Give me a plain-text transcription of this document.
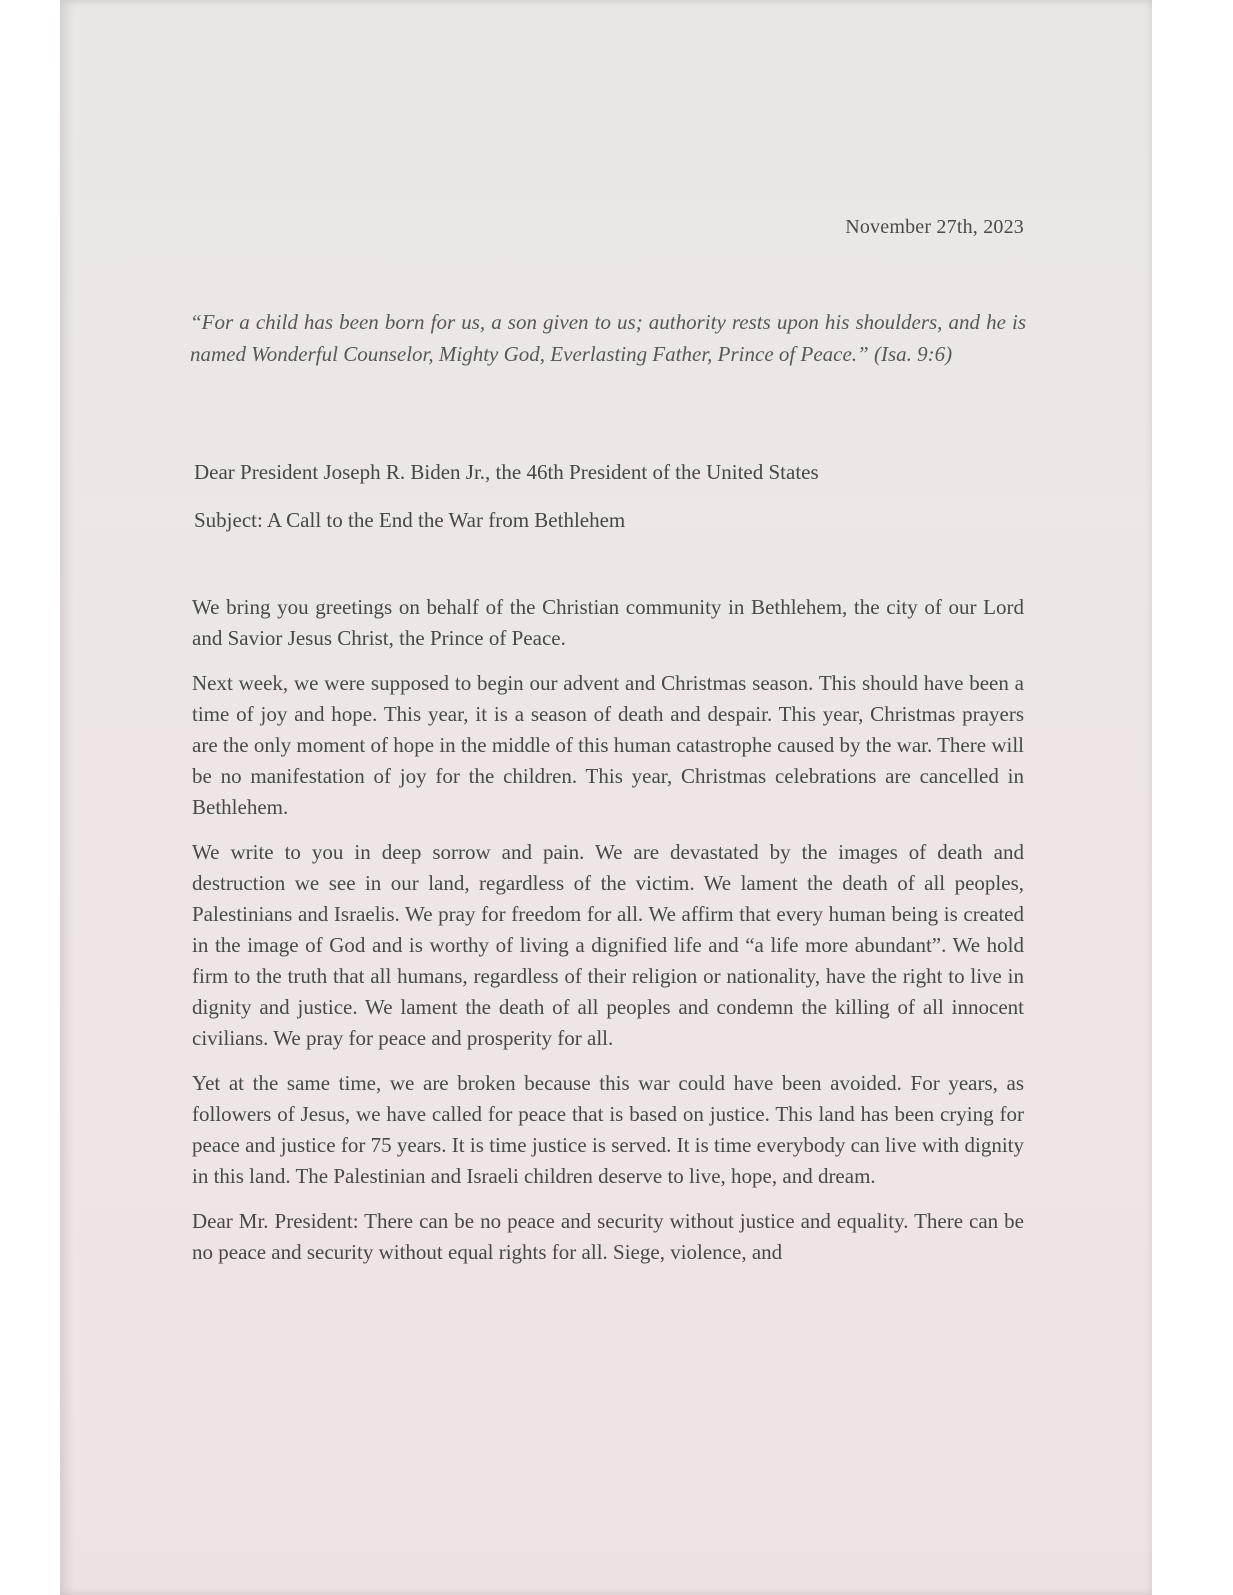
November 27th, 2023

“For a child has been born for us, a son given to us; authority rests upon his shoulders, and he is named Wonderful Counselor, Mighty God, Everlasting Father, Prince of Peace.” (Isa. 9:6)

Dear President Joseph R. Biden Jr., the 46th President of the United States

Subject: A Call to the End the War from Bethlehem

We bring you greetings on behalf of the Christian community in Bethlehem, the city of our Lord and Savior Jesus Christ, the Prince of Peace.

Next week, we were supposed to begin our advent and Christmas season. This should have been a time of joy and hope. This year, it is a season of death and despair. This year, Christmas prayers are the only moment of hope in the middle of this human catastrophe caused by the war. There will be no manifestation of joy for the children. This year, Christmas celebrations are cancelled in Bethlehem.

We write to you in deep sorrow and pain. We are devastated by the images of death and destruction we see in our land, regardless of the victim. We lament the death of all peoples, Palestinians and Israelis. We pray for freedom for all. We affirm that every human being is created in the image of God and is worthy of living a dignified life and “a life more abundant”. We hold firm to the truth that all humans, regardless of their religion or nationality, have the right to live in dignity and justice. We lament the death of all peoples and condemn the killing of all innocent civilians. We pray for peace and prosperity for all.

Yet at the same time, we are broken because this war could have been avoided. For years, as followers of Jesus, we have called for peace that is based on justice. This land has been crying for peace and justice for 75 years. It is time justice is served. It is time everybody can live with dignity in this land. The Palestinian and Israeli children deserve to live, hope, and dream.

Dear Mr. President: There can be no peace and security without justice and equality. There can be no peace and security without equal rights for all. Siege, violence, and
